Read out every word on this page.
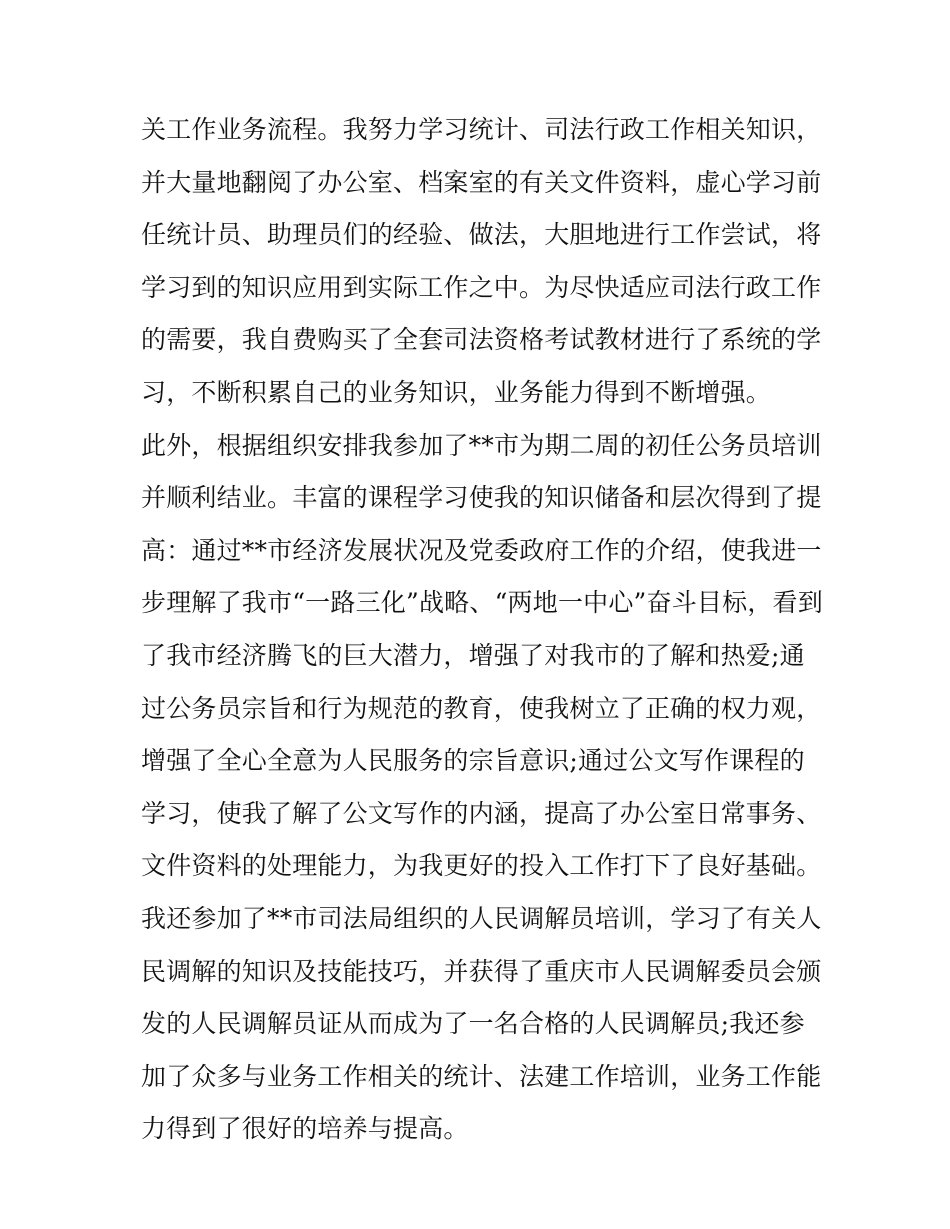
关工作业务流程。我努力学习统计、司法行政工作相关知识，
并大量地翻阅了办公室、档案室的有关文件资料，虚心学习前
任统计员、助理员们的经验、做法，大胆地进行工作尝试，将
学习到的知识应用到实际工作之中。为尽快适应司法行政工作
的需要，我自费购买了全套司法资格考试教材进行了系统的学
习，不断积累自己的业务知识，业务能力得到不断增强。
此外，根据组织安排我参加了**市为期二周的初任公务员培训
并顺利结业。丰富的课程学习使我的知识储备和层次得到了提
高：通过**市经济发展状况及党委政府工作的介绍，使我进一
步理解了我市“一路三化”战略、“两地一中心”奋斗目标，看到
了我市经济腾飞的巨大潜力，增强了对我市的了解和热爱;通
过公务员宗旨和行为规范的教育，使我树立了正确的权力观，
增强了全心全意为人民服务的宗旨意识;通过公文写作课程的
学习，使我了解了公文写作的内涵，提高了办公室日常事务、
文件资料的处理能力，为我更好的投入工作打下了良好基础。
我还参加了**市司法局组织的人民调解员培训，学习了有关人
民调解的知识及技能技巧，并获得了重庆市人民调解委员会颁
发的人民调解员证从而成为了一名合格的人民调解员;我还参
加了众多与业务工作相关的统计、法建工作培训，业务工作能
力得到了很好的培养与提高。
